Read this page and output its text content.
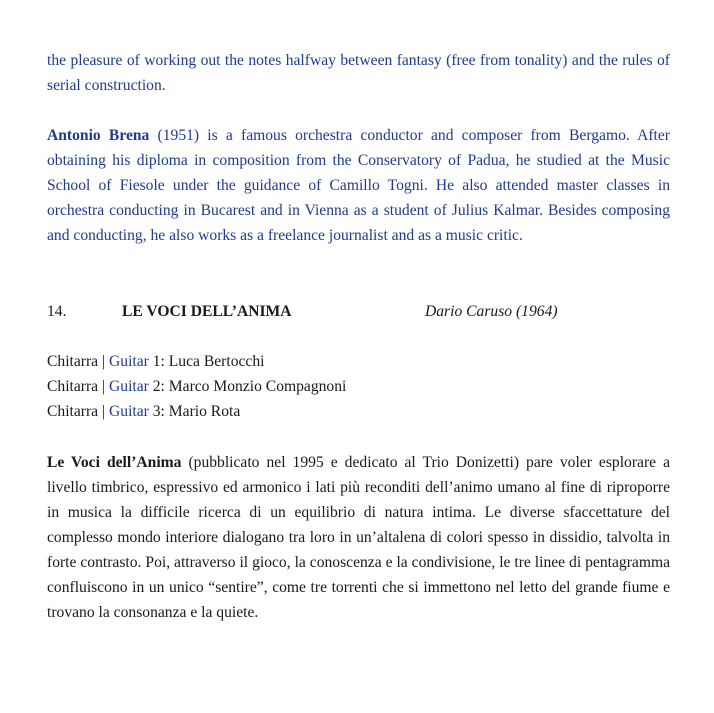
the pleasure of working out the notes halfway between fantasy (free from tonality) and the rules of serial construction.

Antonio Brena (1951) is a famous orchestra conductor and composer from Bergamo. After obtaining his diploma in composition from the Conservatory of Padua, he studied at the Music School of Fiesole under the guidance of Camillo Togni. He also attended master classes in orchestra conducting in Bucarest and in Vienna as a student of Julius Kalmar. Besides composing and conducting, he also works as a freelance journalist and as a music critic.

14.	LE VOCI DELL’ANIMA	Dario Caruso (1964)
Chitarra | Guitar 1: Luca Bertocchi
Chitarra | Guitar 2: Marco Monzio Compagnoni
Chitarra | Guitar 3: Mario Rota

Le Voci dell’Anima (pubblicato nel 1995 e dedicato al Trio Donizetti) pare voler esplorare a livello timbrico, espressivo ed armonico i lati più reconditi dell’animo umano al fine di riproporre in musica la difficile ricerca di un equilibrio di natura intima. Le diverse sfaccettature del complesso mondo interiore dialogano tra loro in un’altalena di colori spesso in dissidio, talvolta in forte contrasto. Poi, attraverso il gioco, la conoscenza e la condivisione, le tre linee di pentagramma confluiscono in un unico “sentire”, come tre torrenti che si immettono nel letto del grande fiume e trovano la consonanza e la quiete.
